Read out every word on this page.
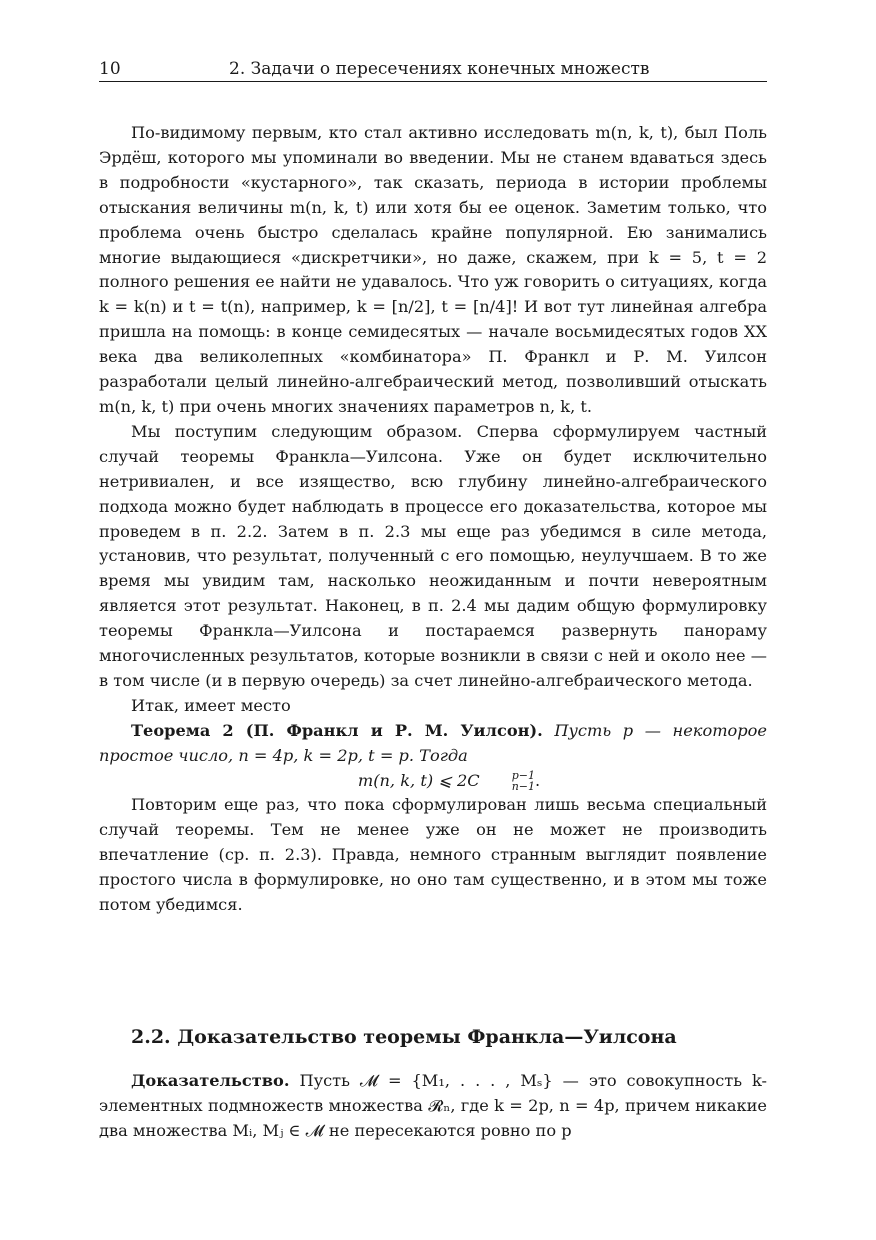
10	2. Задачи о пересечениях конечных множеств

По-видимому первым, кто стал активно исследовать m(n, k, t), был Поль Эрдёш, которого мы упоминали во введении. Мы не станем вдаваться здесь в подробности «кустарного», так сказать, периода в истории проблемы отыскания величины m(n, k, t) или хотя бы ее оценок. Заметим только, что проблема очень быстро сделалась крайне популярной. Ею занимались многие выдающиеся «дискретчики», но даже, скажем, при k = 5, t = 2 полного решения ее найти не удавалось. Что уж говорить о ситуациях, когда k = k(n) и t = t(n), например, k = [n/2], t = [n/4]! И вот тут линейная алгебра пришла на помощь: в конце семидесятых — начале восьмидесятых годов XX века два великолепных «комбинатора» П. Франкл и Р. М. Уилсон разработали целый линейно-алгебраический метод, позволивший отыскать m(n, k, t) при очень многих значениях параметров n, k, t.

Мы поступим следующим образом. Сперва сформулируем частный случай теоремы Франкла—Уилсона. Уже он будет исключительно нетривиален, и все изящество, всю глубину линейно-алгебраического подхода можно будет наблюдать в процессе его доказательства, которое мы проведем в п. 2.2. Затем в п. 2.3 мы еще раз убедимся в силе метода, установив, что результат, полученный с его помощью, неулучшаем. В то же время мы увидим там, насколько неожиданным и почти невероятным является этот результат. Наконец, в п. 2.4 мы дадим общую формулировку теоремы Франкла—Уилсона и постараемся развернуть панораму многочисленных результатов, которые возникли в связи с ней и около нее — в том числе (и в первую очередь) за счет линейно-алгебраического метода.

Итак, имеет место

Теорема 2 (П. Франкл и Р. М. Уилсон). Пусть p — некоторое простое число, n = 4p, k = 2p, t = p. Тогда

m(n, k, t) ⩽ 2C	p−1
n−1 .

Повторим еще раз, что пока сформулирован лишь весьма специальный случай теоремы. Тем не менее уже он не может не производить впечатление (ср. п. 2.3). Правда, немного странным выглядит появление простого числа в формулировке, но оно там существенно, и в этом мы тоже потом убедимся.

2.2. Доказательство теоремы Франкла—Уилсона

Доказательство. Пусть 𝓜 = {M₁, . . . , Mₛ} — это совокупность k-элементных подмножеств множества 𝓡ₙ, где k = 2p, n = 4p, причем никакие два множества Mᵢ, Mⱼ ∈ 𝓜 не пересекаются ровно по p
